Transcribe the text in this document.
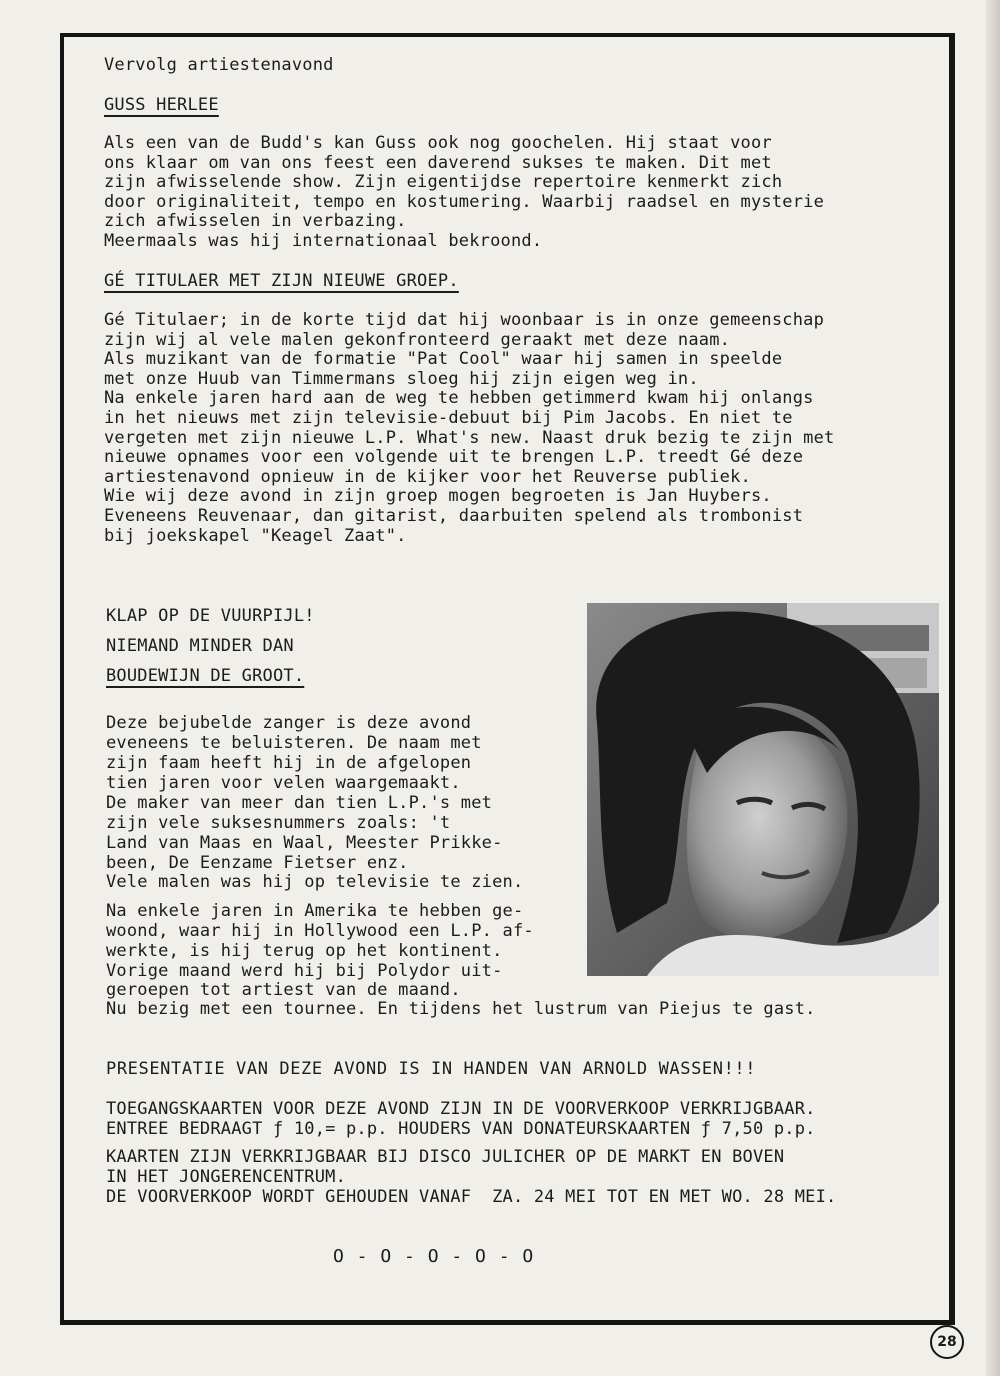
Vervolg artiestenavond

GUSS HERLEE

Als een van de Budd's kan Guss ook nog goochelen. Hij staat voor

ons klaar om van ons feest een daverend sukses te maken. Dit met

zijn afwisselende show. Zijn eigentijdse repertoire kenmerkt zich

door originaliteit, tempo en kostumering. Waarbij raadsel en mysterie

zich afwisselen in verbazing.

Meermaals was hij internationaal bekroond.

GÉ TITULAER MET ZIJN NIEUWE GROEP.

Gé Titulaer; in de korte tijd dat hij woonbaar is in onze gemeenschap

zijn wij al vele malen gekonfronteerd geraakt met deze naam.

Als muzikant van de formatie "Pat Cool" waar hij samen in speelde

met onze Huub van Timmermans sloeg hij zijn eigen weg in.

Na enkele jaren hard aan de weg te hebben getimmerd kwam hij onlangs

in het nieuws met zijn televisie-debuut bij Pim Jacobs. En niet te

vergeten met zijn nieuwe L.P. What's new. Naast druk bezig te zijn met

nieuwe opnames voor een volgende uit te brengen L.P. treedt Gé deze

artiestenavond opnieuw in de kijker voor het Reuverse publiek.

Wie wij deze avond in zijn groep mogen begroeten is Jan Huybers.

Eveneens Reuvenaar, dan gitarist, daarbuiten spelend als trombonist

bij joekskapel "Keagel Zaat".

KLAP OP DE VUURPIJL!

NIEMAND MINDER DAN

BOUDEWIJN DE GROOT.

Deze bejubelde zanger is deze avond

eveneens te beluisteren. De naam met

zijn faam heeft hij in de afgelopen

tien jaren voor velen waargemaakt.

De maker van meer dan tien L.P.'s met

zijn vele suksesnummers zoals: 't

Land van Maas en Waal, Meester Prikke-

been, De Eenzame Fietser enz.

Vele malen was hij op televisie te zien.

Na enkele jaren in Amerika te hebben ge-

woond, waar hij in Hollywood een L.P. af-

werkte, is hij terug op het kontinent.

Vorige maand werd hij bij Polydor uit-

geroepen tot artiest van de maand.

Nu bezig met een tournee. En tijdens het lustrum van Piejus te gast.

PRESENTATIE VAN DEZE AVOND IS IN HANDEN VAN ARNOLD WASSEN!!!

TOEGANGSKAARTEN VOOR DEZE AVOND ZIJN IN DE VOORVERKOOP VERKRIJGBAAR.

ENTREE BEDRAAGT ƒ 10,= p.p. HOUDERS VAN DONATEURSKAARTEN ƒ 7,50 p.p.

KAARTEN ZIJN VERKRIJGBAAR BIJ DISCO JULICHER OP DE MARKT EN BOVEN

IN HET JONGERENCENTRUM.

DE VOORVERKOOP WORDT GEHOUDEN VANAF  ZA. 24 MEI TOT EN MET WO. 28 MEI.

O - O - O - O - O

28
